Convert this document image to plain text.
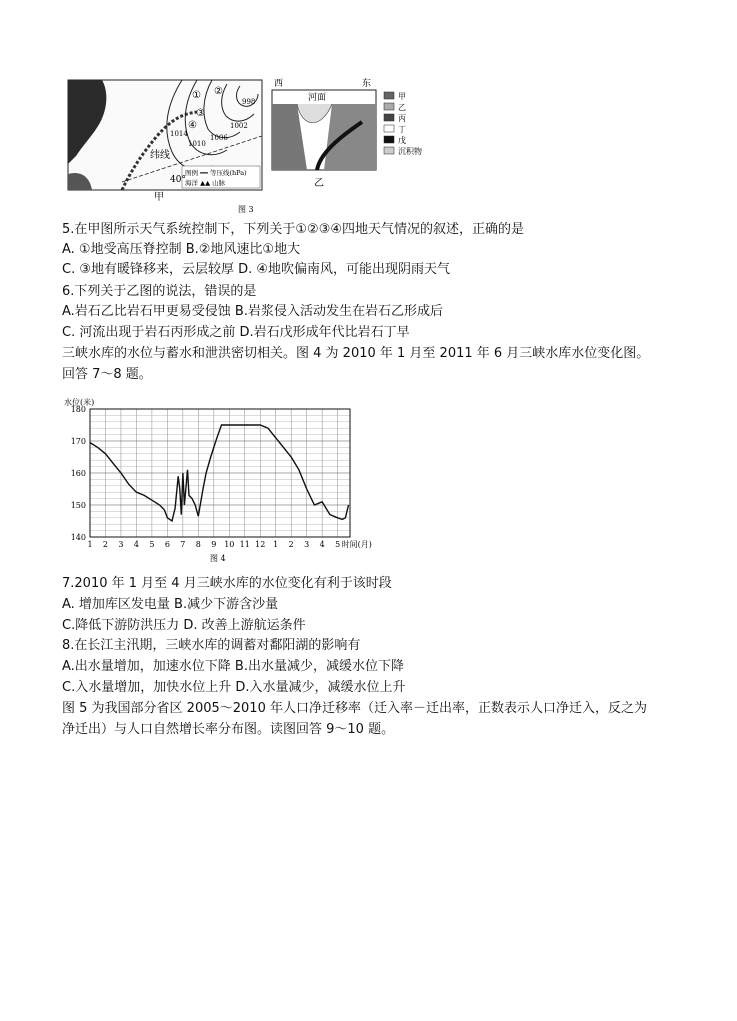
① ②
③
④
1014
1010
1006
1002
998
纬线
图例 ━━ 等压线(hPa)
海洋 ▲▲ 山脉
40°
甲
西	东
河面	甲
乙
丙
丁
戊
沉积物
乙
图 3
5.在甲图所示天气系统控制下，下列关于①②③④四地天气情况的叙述，正确的是
A. ①地受高压脊控制 B.②地风速比①地大
C. ③地有暖锋移来，云层较厚 D. ④地吹偏南风，可能出现阴雨天气
6.下列关于乙图的说法，错误的是
A.岩石乙比岩石甲更易受侵蚀 B.岩浆侵入活动发生在岩石乙形成后
C. 河流出现于岩石丙形成之前 D.岩石戊形成年代比岩石丁早
三峡水库的水位与蓄水和泄洪密切相关。图 4 为 2010 年 1 月至 2011 年 6 月三峡水库水位变化图。
回答 7～8 题。
140
150
160
170
180
1 2 3 4 5 6 7 8 9 10 11 12 1 2 3 4 5
水位(米)
时间(月)
图 4
7.2010 年 1 月至 4 月三峡水库的水位变化有利于该时段
A. 增加库区发电量 B.减少下游含沙量
C.降低下游防洪压力 D. 改善上游航运条件
8.在长江主汛期，三峡水库的调蓄对鄱阳湖的影响有
A.出水量增加，加速水位下降 B.出水量减少，减缓水位下降
C.入水量增加，加快水位上升 D.入水量减少，减缓水位上升
图 5 为我国部分省区 2005～2010 年人口净迁移率（迁入率－迁出率，正数表示人口净迁入，反之为
净迁出）与人口自然增长率分布图。读图回答 9～10 题。
